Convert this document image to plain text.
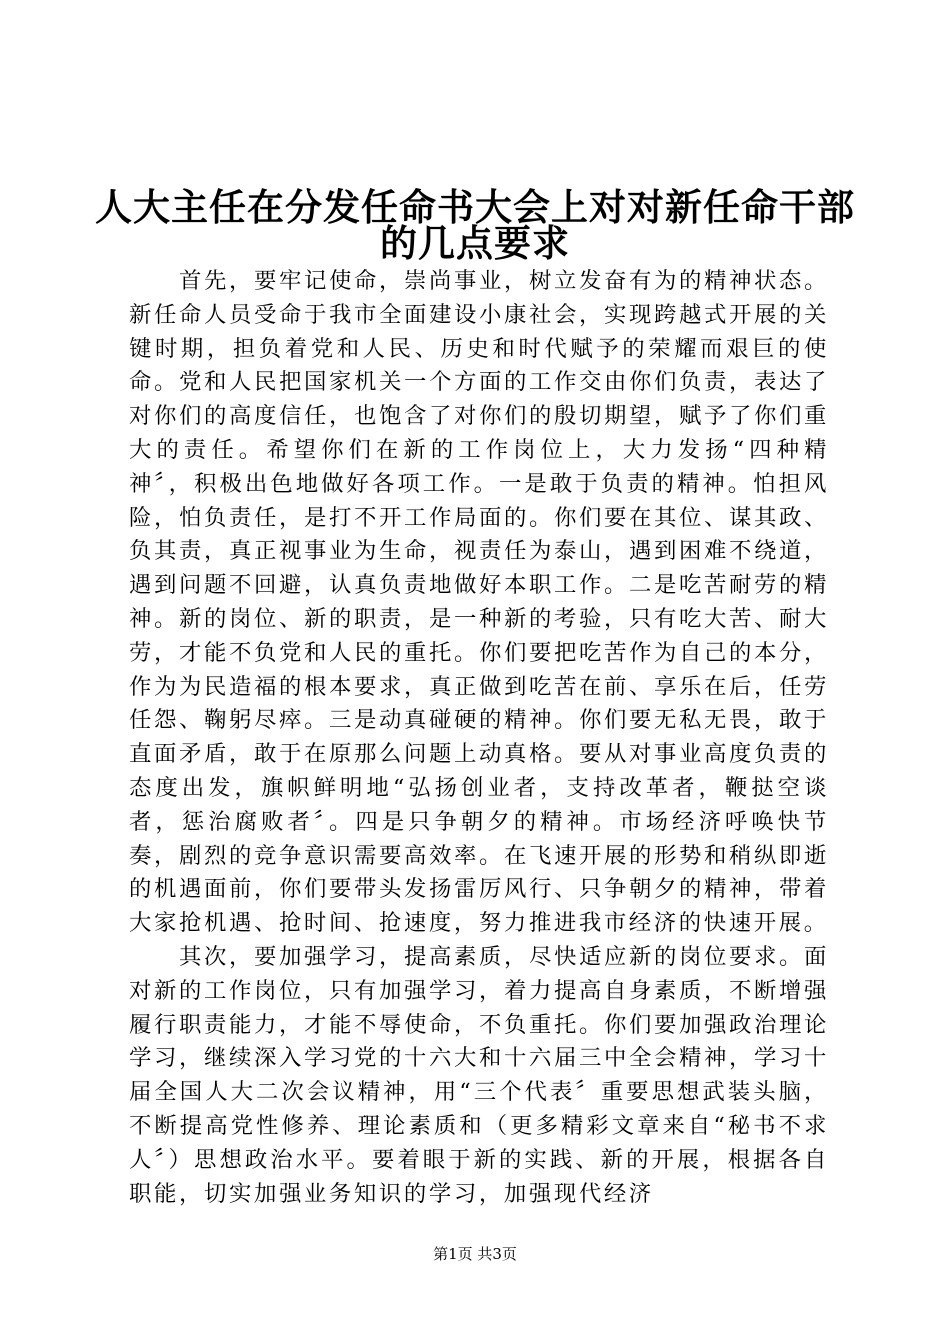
人大主任在分发任命书大会上对对新任命干部
的几点要求

首先，要牢记使命，崇尚事业，树立发奋有为的精神状态。新任命人员受命于我市全面建设小康社会，实现跨越式开展的关键时期，担负着党和人民、历史和时代赋予的荣耀而艰巨的使命。党和人民把国家机关一个方面的工作交由你们负责，表达了对你们的高度信任，也饱含了对你们的殷切期望，赋予了你们重大的责任。希望你们在新的工作岗位上，大力发扬“四种精神〞，积极出色地做好各项工作。一是敢于负责的精神。怕担风险，怕负责任，是打不开工作局面的。你们要在其位、谋其政、负其责，真正视事业为生命，视责任为泰山，遇到困难不绕道，遇到问题不回避，认真负责地做好本职工作。二是吃苦耐劳的精神。新的岗位、新的职责，是一种新的考验，只有吃大苦、耐大劳，才能不负党和人民的重托。你们要把吃苦作为自己的本分，作为为民造福的根本要求，真正做到吃苦在前、享乐在后，任劳任怨、鞠躬尽瘁。三是动真碰硬的精神。你们要无私无畏，敢于直面矛盾，敢于在原那么问题上动真格。要从对事业高度负责的态度出发，旗帜鲜明地“弘扬创业者，支持改革者，鞭挞空谈者，惩治腐败者〞。四是只争朝夕的精神。市场经济呼唤快节奏，剧烈的竞争意识需要高效率。在飞速开展的形势和稍纵即逝的机遇面前，你们要带头发扬雷厉风行、只争朝夕的精神，带着大家抢机遇、抢时间、抢速度，努力推进我市经济的快速开展。

其次，要加强学习，提高素质，尽快适应新的岗位要求。面对新的工作岗位，只有加强学习，着力提高自身素质，不断增强履行职责能力，才能不辱使命，不负重托。你们要加强政治理论学习，继续深入学习党的十六大和十六届三中全会精神，学习十届全国人大二次会议精神，用“三个代表〞重要思想武装头脑，不断提高党性修养、理论素质和（更多精彩文章来自“秘书不求人〞）思想政治水平。要着眼于新的实践、新的开展，根据各自职能，切实加强业务知识的学习，加强现代经济

第1页 共3页
